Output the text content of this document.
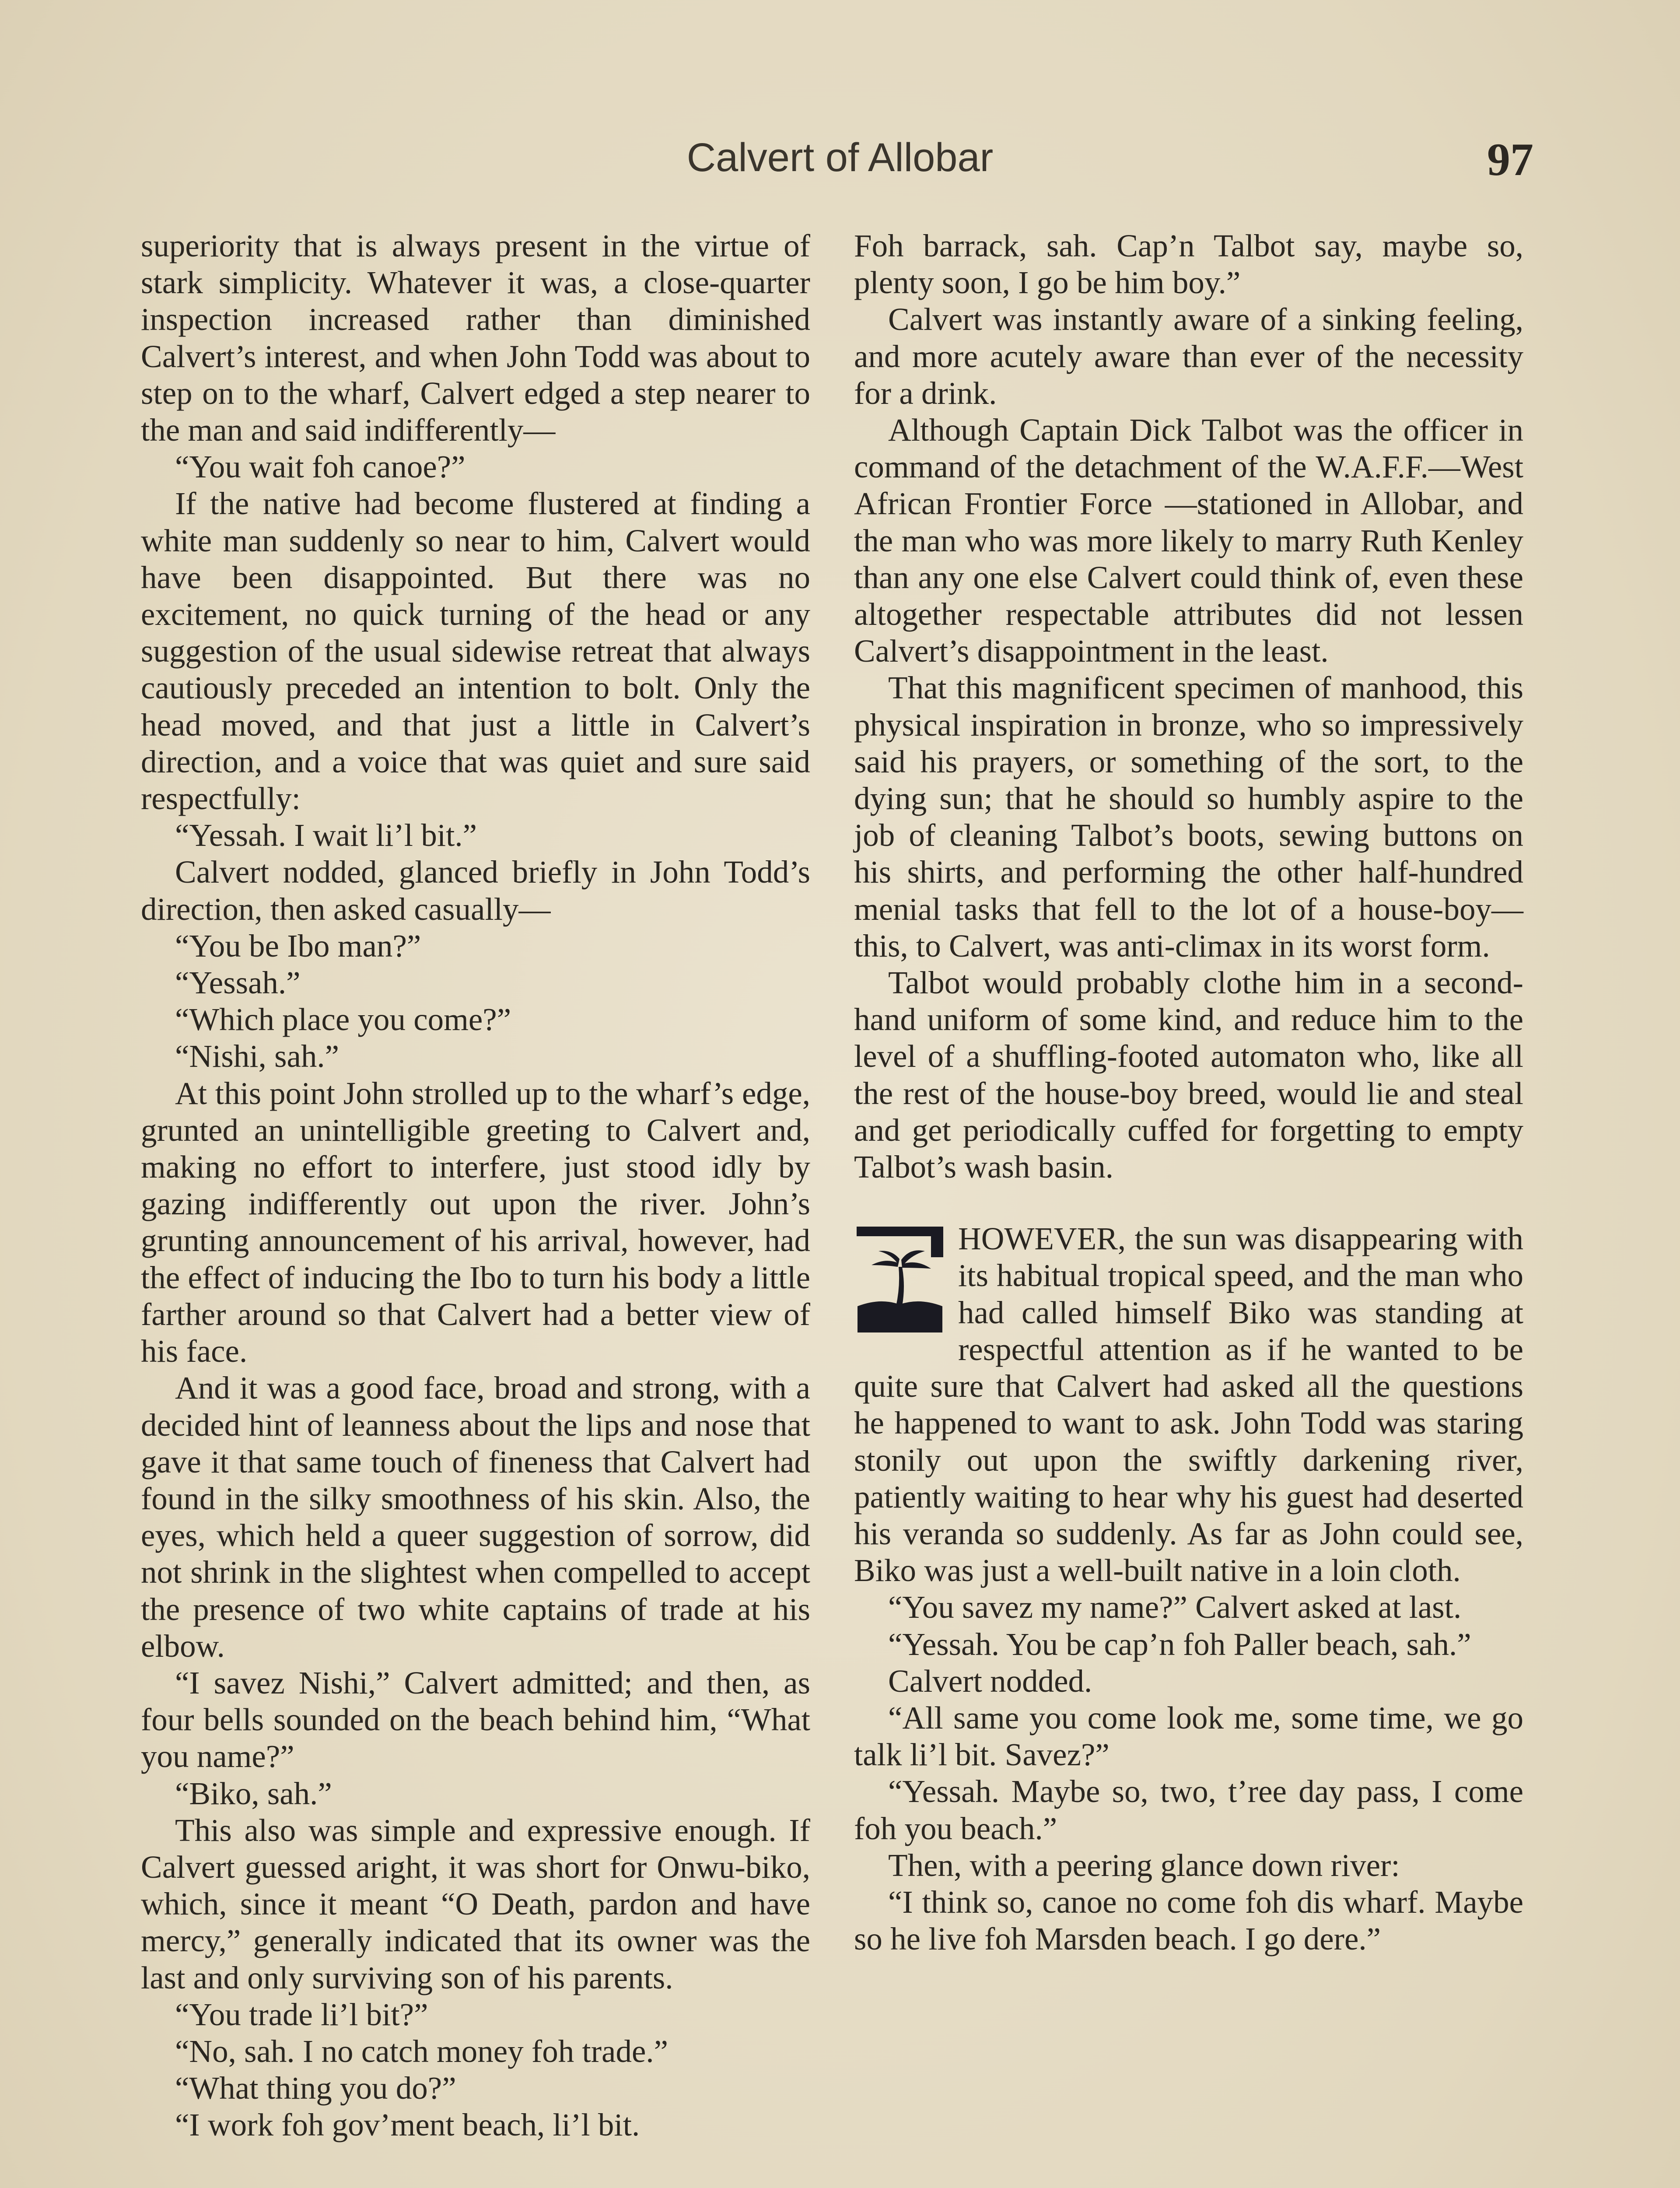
Calvert of Allobar	97

superiority that is always present in the virtue of stark simplicity. Whatever it was, a close-quarter inspection increased rather than diminished Calvert’s interest, and when John Todd was about to step on to the wharf, Calvert edged a step nearer to the man and said indifferently—

“You wait foh canoe?”

If the native had become flustered at finding a white man suddenly so near to him, Calvert would have been disappointed. But there was no excitement, no quick turning of the head or any suggestion of the usual sidewise retreat that always cautiously preceded an intention to bolt. Only the head moved, and that just a little in Calvert’s direction, and a voice that was quiet and sure said respectfully:

“Yessah. I wait li’l bit.”

Calvert nodded, glanced briefly in John Todd’s direction, then asked casually—

“You be Ibo man?”

“Yessah.”

“Which place you come?”

“Nishi, sah.”

At this point John strolled up to the wharf’s edge, grunted an unintelligible greeting to Calvert and, making no effort to interfere, just stood idly by gazing indifferently out upon the river. John’s grunting announcement of his arrival, however, had the effect of inducing the Ibo to turn his body a little farther around so that Calvert had a better view of his face.

And it was a good face, broad and strong, with a decided hint of leanness about the lips and nose that gave it that same touch of fineness that Calvert had found in the silky smoothness of his skin. Also, the eyes, which held a queer suggestion of sorrow, did not shrink in the slightest when compelled to accept the presence of two white captains of trade at his elbow.

“I savez Nishi,” Calvert admitted; and then, as four bells sounded on the beach behind him, “What you name?”

“Biko, sah.”

This also was simple and expressive enough. If Calvert guessed aright, it was short for Onwu-biko, which, since it meant “O Death, pardon and have mercy,” generally indicated that its owner was the last and only surviving son of his parents.

“You trade li’l bit?”

“No, sah. I no catch money foh trade.”

“What thing you do?”

“I work foh gov’ment beach, li’l bit.

Foh barrack, sah. Cap’n Talbot say, maybe so, plenty soon, I go be him boy.”

Calvert was instantly aware of a sinking feeling, and more acutely aware than ever of the necessity for a drink.

Although Captain Dick Talbot was the officer in command of the detachment of the W.A.F.F.—West African Frontier Force —stationed in Allobar, and the man who was more likely to marry Ruth Kenley than any one else Calvert could think of, even these altogether respectable attributes did not lessen Calvert’s disappointment in the least.

That this magnificent specimen of manhood, this physical inspiration in bronze, who so impressively said his prayers, or something of the sort, to the dying sun; that he should so humbly aspire to the job of cleaning Talbot’s boots, sewing buttons on his shirts, and performing the other half-hundred menial tasks that fell to the lot of a house-boy—this, to Calvert, was anti-climax in its worst form.

Talbot would probably clothe him in a second-hand uniform of some kind, and reduce him to the level of a shuffling-footed automaton who, like all the rest of the house-boy breed, would lie and steal and get periodically cuffed for forgetting to empty Talbot’s wash basin.

HOWEVER, the sun was disappearing with its habitual tropical speed, and the man who had called himself Biko was standing at respectful attention as if he wanted to be quite sure that Calvert had asked all the questions he happened to want to ask. John Todd was staring stonily out upon the swiftly darkening river, patiently waiting to hear why his guest had deserted his veranda so suddenly. As far as John could see, Biko was just a well-built native in a loin cloth.

“You savez my name?” Calvert asked at last.

“Yessah. You be cap’n foh Paller beach, sah.”

Calvert nodded.

“All same you come look me, some time, we go talk li’l bit. Savez?”

“Yessah. Maybe so, two, t’ree day pass, I come foh you beach.”

Then, with a peering glance down river:

“I think so, canoe no come foh dis wharf. Maybe so he live foh Marsden beach. I go dere.”
